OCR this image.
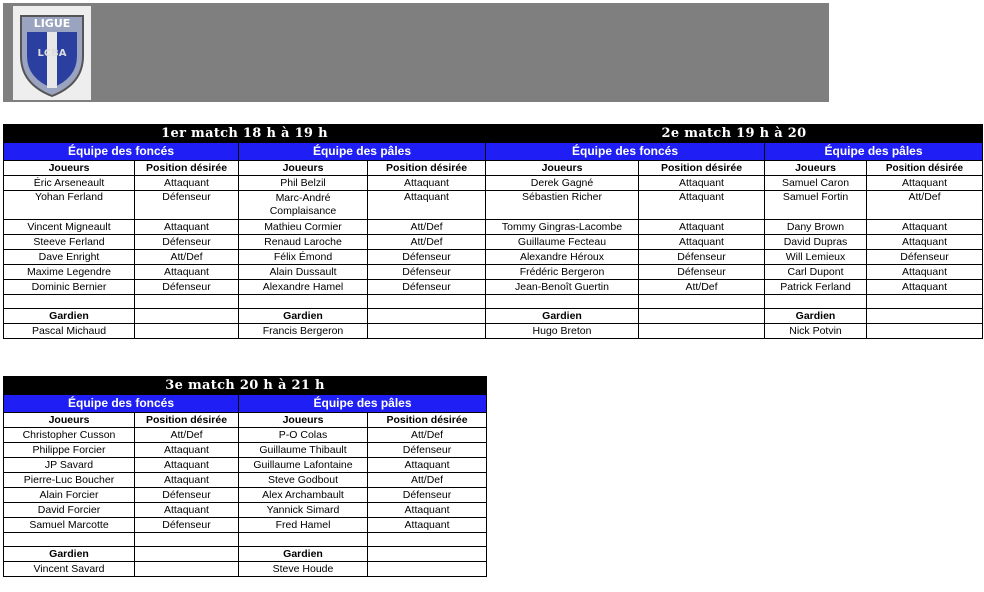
LIGUE
LCBA
1er match 18 h à 19 h				2e match 19 h à 20			
Équipe des foncés		Équipe des pâles		Équipe des foncés		Équipe des pâles	
Joueurs	Position désirée	Joueurs	Position désirée	Joueurs	Position désirée	Joueurs	Position désirée
Éric Arseneault	Attaquant	Phil Belzil	Attaquant	Derek Gagné	Attaquant	Samuel Caron	Attaquant
Yohan Ferland	Défenseur	Marc-André Complaisance	Attaquant	Sébastien Richer	Attaquant	Samuel Fortin	Att/Def
Vincent Migneault	Attaquant	Mathieu Cormier	Att/Def	Tommy Gingras-Lacombe	Attaquant	Dany Brown	Attaquant
Steeve Ferland	Défenseur	Renaud Laroche	Att/Def	Guillaume Fecteau	Attaquant	David Dupras	Attaquant
Dave Enright	Att/Def	Félix Émond	Défenseur	Alexandre Héroux	Défenseur	Will Lemieux	Défenseur
Maxime Legendre	Attaquant	Alain Dussault	Défenseur	Frédéric Bergeron	Défenseur	Carl Dupont	Attaquant
Dominic Bernier	Défenseur	Alexandre Hamel	Défenseur	Jean-Benoît Guertin	Att/Def	Patrick Ferland	Attaquant

Gardien		Gardien		Gardien		Gardien	
Pascal Michaud		Francis Bergeron		Hugo Breton		Nick Potvin	
3e match 20 h à 21 h			
Équipe des foncés		Équipe des pâles	
Joueurs	Position désirée	Joueurs	Position désirée
Christopher Cusson	Att/Def	P-O Colas	Att/Def
Philippe Forcier	Attaquant	Guillaume Thibault	Défenseur
JP Savard	Attaquant	Guillaume Lafontaine	Attaquant
Pierre-Luc Boucher	Attaquant	Steve Godbout	Att/Def
Alain Forcier	Défenseur	Alex Archambault	Défenseur
David Forcier	Attaquant	Yannick Simard	Attaquant
Samuel Marcotte	Défenseur	Fred Hamel	Attaquant

Gardien		Gardien	
Vincent Savard		Steve Houde	
